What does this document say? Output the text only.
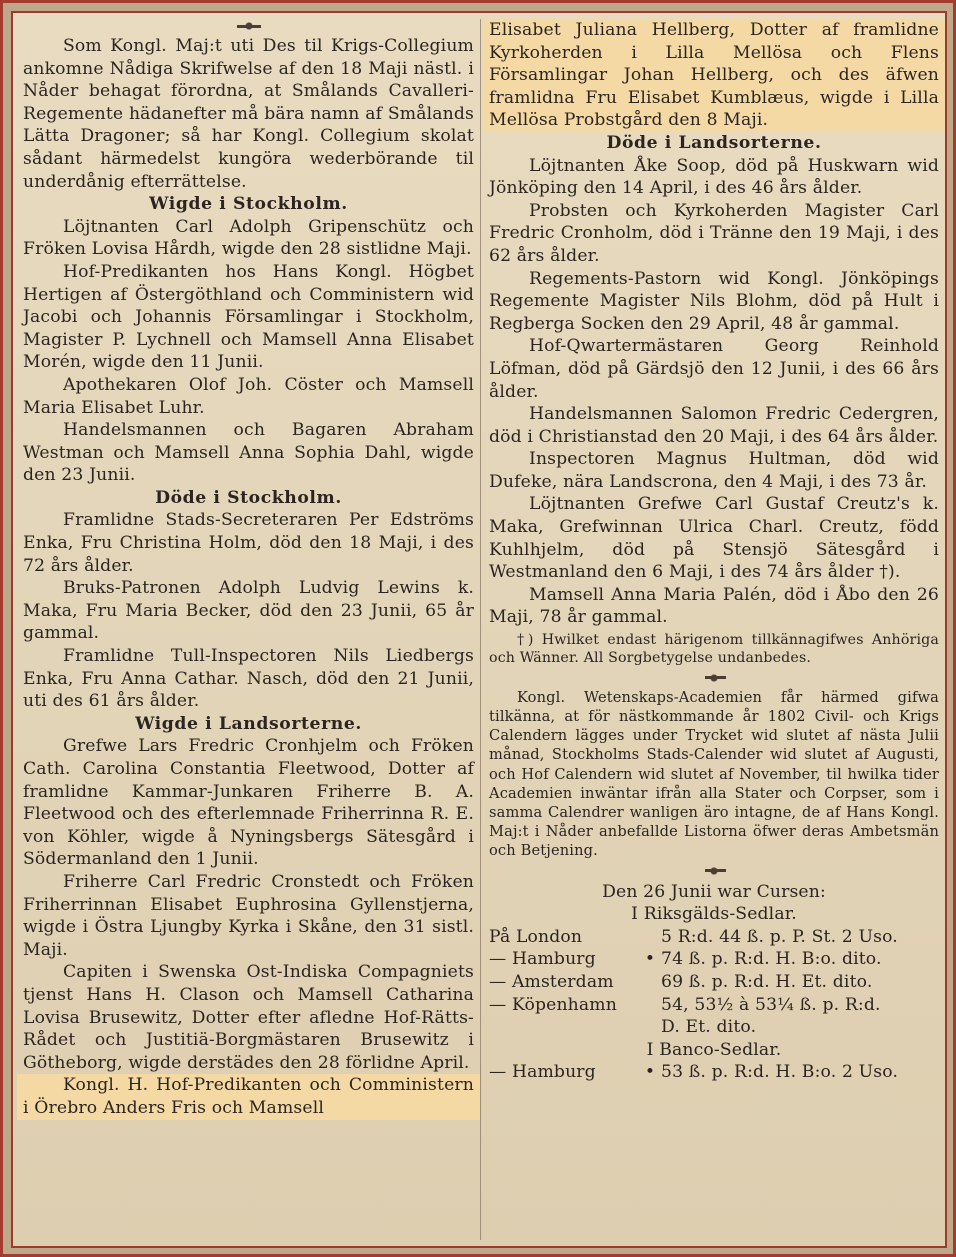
Som Kongl. Maj:t uti Des til Krigs-Collegium ankomne Nådiga Skrifwelse af den 18 Maji nästl. i Nåder behagat förordna, at Smålands Cavalleri-Regemente hädanefter må bära namn af Smålands Lätta Dragoner; så har Kongl. Collegium skolat sådant härmedelst kungöra wederbörande til underdånig efterrättelse.

Wigde i Stockholm.

Löjtnanten Carl Adolph Gripenschütz och Fröken Lovisa Hårdh, wigde den 28 sistlidne Maji.

Hof-Predikanten hos Hans Kongl. Högbet Hertigen af Östergöthland och Comministern wid Jacobi och Johannis Församlingar i Stockholm, Magister P. Lychnell och Mamsell Anna Elisabet Morén, wigde den 11 Junii.

Apothekaren Olof Joh. Cöster och Mamsell Maria Elisabet Luhr.

Handelsmannen och Bagaren Abraham Westman och Mamsell Anna Sophia Dahl, wigde den 23 Junii.

Döde i Stockholm.

Framlidne Stads-Secreteraren Per Edströms Enka, Fru Christina Holm, död den 18 Maji, i des 72 års ålder.

Bruks-Patronen Adolph Ludvig Lewins k. Maka, Fru Maria Becker, död den 23 Junii, 65 år gammal.

Framlidne Tull-Inspectoren Nils Liedbergs Enka, Fru Anna Cathar. Nasch, död den 21 Junii, uti des 61 års ålder.

Wigde i Landsorterne.

Grefwe Lars Fredric Cronhjelm och Fröken Cath. Carolina Constantia Fleetwood, Dotter af framlidne Kammar-Junkaren Friherre B. A. Fleetwood och des efterlemnade Friherrinna R. E. von Köhler, wigde å Nyningsbergs Sätesgård i Södermanland den 1 Junii.

Friherre Carl Fredric Cronstedt och Fröken Friherrinnan Elisabet Euphrosina Gyllenstjerna, wigde i Östra Ljungby Kyrka i Skåne, den 31 sistl. Maji.

Capiten i Swenska Ost-Indiska Compagniets tjenst Hans H. Clason och Mamsell Catharina Lovisa Brusewitz, Dotter efter afledne Hof-Rätts-Rådet och Justitiä-Borgmästaren Brusewitz i Götheborg, wigde derstädes den 28 förlidne April.

Kongl. H. Hof-Predikanten och Comministern i Örebro Anders Fris och Mamsell

Elisabet Juliana Hellberg, Dotter af framlidne Kyrkoherden i Lilla Mellösa och Flens Församlingar Johan Hellberg, och des äfwen framlidna Fru Elisabet Kumblæus, wigde i Lilla Mellösa Probstgård den 8 Maji.

Döde i Landsorterne.

Löjtnanten Åke Soop, död på Huskwarn wid Jönköping den 14 April, i des 46 års ålder.

Probsten och Kyrkoherden Magister Carl Fredric Cronholm, död i Tränne den 19 Maji, i des 62 års ålder.

Regements-Pastorn wid Kongl. Jönköpings Regemente Magister Nils Blohm, död på Hult i Regberga Socken den 29 April, 48 år gammal.

Hof-Qwartermästaren Georg Reinhold Löfman, död på Gärdsjö den 12 Junii, i des 66 års ålder.

Handelsmannen Salomon Fredric Cedergren, död i Christianstad den 20 Maji, i des 64 års ålder.

Inspectoren Magnus Hultman, död wid Dufeke, nära Landscrona, den 4 Maji, i des 73 år.

Löjtnanten Grefwe Carl Gustaf Creutz's k. Maka, Grefwinnan Ulrica Charl. Creutz, född Kuhlhjelm, död på Stensjö Sätesgård i Westmanland den 6 Maji, i des 74 års ålder †).

Mamsell Anna Maria Palén, död i Åbo den 26 Maji, 78 år gammal.

†) Hwilket endast härigenom tillkännagifwes Anhöriga och Wänner. All Sorgbetygelse undanbedes.

Kongl. Wetenskaps-Academien får härmed gifwa tilkänna, at för nästkommande år 1802 Civil- och Krigs Calendern lägges under Trycket wid slutet af nästa Julii månad, Stockholms Stads-Calender wid slutet af Augusti, och Hof Calendern wid slutet af November, til hwilka tider Academien inwäntar ifrån alla Stater och Corpser, som i samma Calendrer wanligen äro intagne, de af Hans Kongl. Maj:t i Nåder anbefallde Listorna öfwer deras Ambetsmän och Betjening.

Den 26 Junii war Cursen:

I Riksgälds-Sedlar.

På London	5 R:d. 44 ß. p. P. St. 2 Uso.
— Hamburg	• 74 ß. p. R:d. H. B:o. dito.
— Amsterdam	69 ß. p. R:d. H. Et. dito.
— Köpenhamn	54, 53½ à 53¼ ß. p. R:d.
D. Et. dito.

I Banco-Sedlar.

— Hamburg	• 53 ß. p. R:d. H. B:o. 2 Uso.
